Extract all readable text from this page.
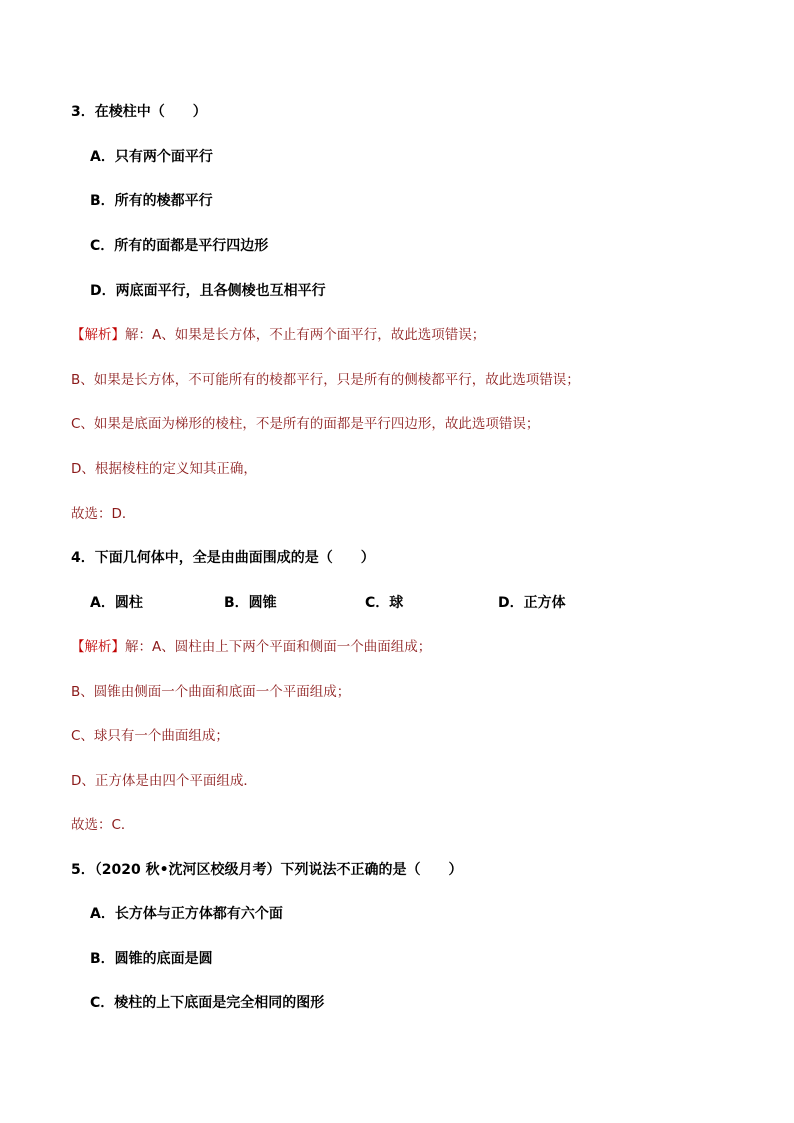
3．在棱柱中（　　）
A．只有两个面平行
B．所有的棱都平行
C．所有的面都是平行四边形
D．两底面平行，且各侧棱也互相平行
【解析】解：A、如果是长方体，不止有两个面平行，故此选项错误；
B、如果是长方体，不可能所有的棱都平行，只是所有的侧棱都平行，故此选项错误；
C、如果是底面为梯形的棱柱，不是所有的面都是平行四边形，故此选项错误；
D、根据棱柱的定义知其正确，
故选：D．
4．下面几何体中，全是由曲面围成的是（　　）
A．圆柱	B．圆锥	C．球	D．正方体
【解析】解：A、圆柱由上下两个平面和侧面一个曲面组成；
B、圆锥由侧面一个曲面和底面一个平面组成；
C、球只有一个曲面组成；
D、正方体是由四个平面组成．
故选：C．
5．（2020 秋•沈河区校级月考）下列说法不正确的是（　　）
A．长方体与正方体都有六个面
B．圆锥的底面是圆
C．棱柱的上下底面是完全相同的图形
